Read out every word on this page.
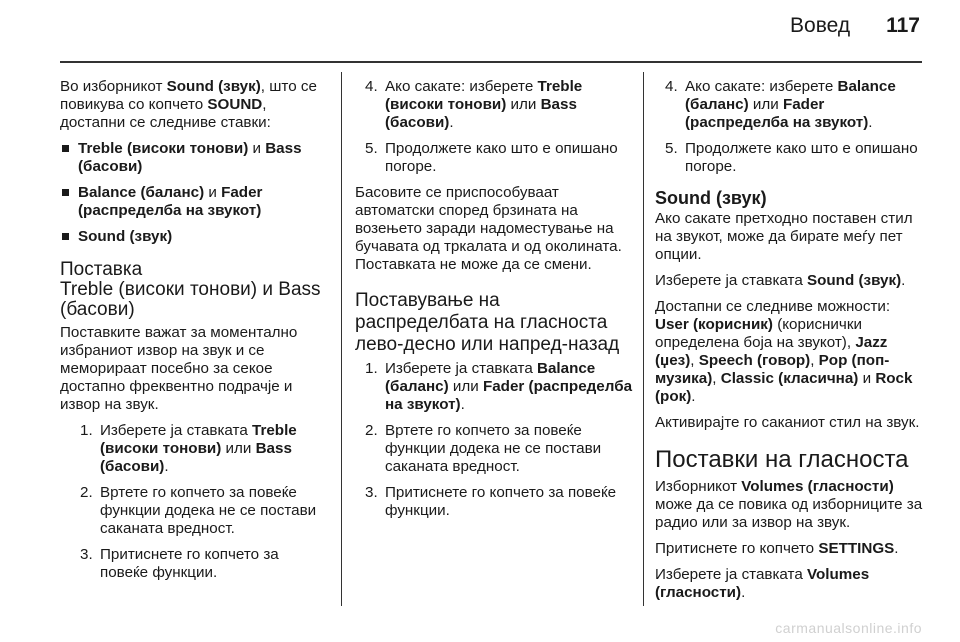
Вовед 117

Во изборникот Sound (звук), што се повикува со копчето SOUND, достапни се следниве ставки:

Treble (високи тонови) и Bass (басови)
Balance (баланс) и Fader (распределба на звукот)
Sound (звук)
Поставка
Treble (високи тонови) и Bass (басови)

Поставките важат за моментално избраниот извор на звук и се меморираат посебно за секое достапно фреквентно подрачје и извор на звук.

1. Изберете ја ставката Treble (високи тонови) или Bass (басови).
2. Вртете го копчето за повеќе функции додека не се постави саканата вредност.
3. Притиснете го копчето за повеќе функции.
4. Ако сакате: изберете Treble (високи тонови) или Bass (басови).
5. Продолжете како што е опишано погоре.

Басовите се приспособуваат автоматски според брзината на возењето заради надоместување на бучавата од тркалата и од околината. Поставката не може да се смени.

Поставување на распределбата на гласноста лево-десно или напред-назад
1. Изберете ја ставката Balance (баланс) или Fader (распределба на звукот).
2. Вртете го копчето за повеќе функции додека не се постави саканата вредност.
3. Притиснете го копчето за повеќе функции.
4. Ако сакате: изберете Balance (баланс) или Fader (распределба на звукот).
5. Продолжете како што е опишано погоре.
Sound (звук)

Ако сакате претходно поставен стил на звукот, може да бирате меѓу пет опции.

Изберете ја ставката Sound (звук).

Достапни се следниве можности: User (корисник) (кориснички определена боја на звукот), Jazz (џез), Speech (говор), Pop (поп-музика), Classic (класична) и Rock (рок).

Активирајте го саканиот стил на звук.

Поставки на гласноста

Изборникот Volumes (гласности) може да се повика од изборниците за радио или за извор на звук.

Притиснете го копчето SETTINGS.

Изберете ја ставката Volumes (гласности).

carmanualsonline.info
